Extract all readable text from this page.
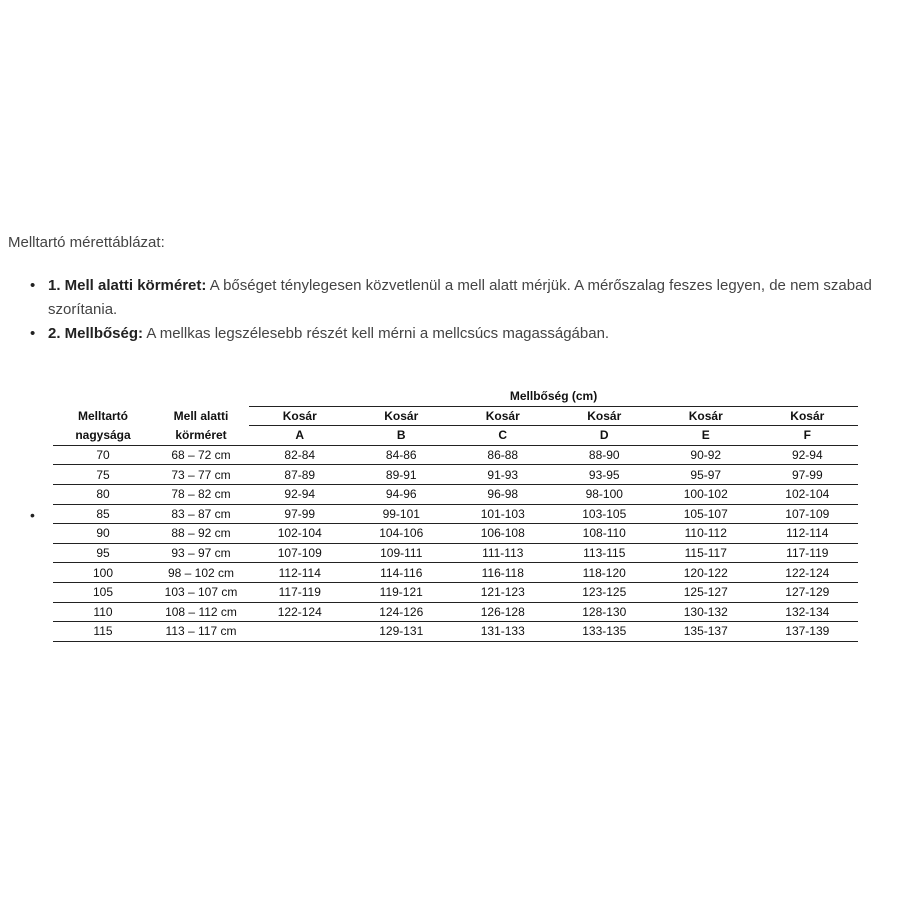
Melltartó mérettáblázat:
• 1. Mell alatti körméret: A bőséget ténylegesen közvetlenül a mell alatt mérjük. A mérőszalag feszes legyen, de nem szabad szorítania.
• 2. Mellbőség: A mellkas legszélesebb részét kell mérni a mellcsúcs magasságában.
•
		Mellbőség (cm)					
Melltartó	Mell alatti	Kosár	Kosár	Kosár	Kosár	Kosár	Kosár
nagysága	körméret	A	B	C	D	E	F
70	68 – 72 cm	82-84	84-86	86-88	88-90	90-92	92-94
75	73 – 77 cm	87-89	89-91	91-93	93-95	95-97	97-99
80	78 – 82 cm	92-94	94-96	96-98	98-100	100-102	102-104
85	83 – 87 cm	97-99	99-101	101-103	103-105	105-107	107-109
90	88 – 92 cm	102-104	104-106	106-108	108-110	110-112	112-114
95	93 – 97 cm	107-109	109-111	111-113	113-115	115-117	117-119
100	98 – 102 cm	112-114	114-116	116-118	118-120	120-122	122-124
105	103 – 107 cm	117-119	119-121	121-123	123-125	125-127	127-129
110	108 – 112 cm	122-124	124-126	126-128	128-130	130-132	132-134
115	113 – 117 cm		129-131	131-133	133-135	135-137	137-139
